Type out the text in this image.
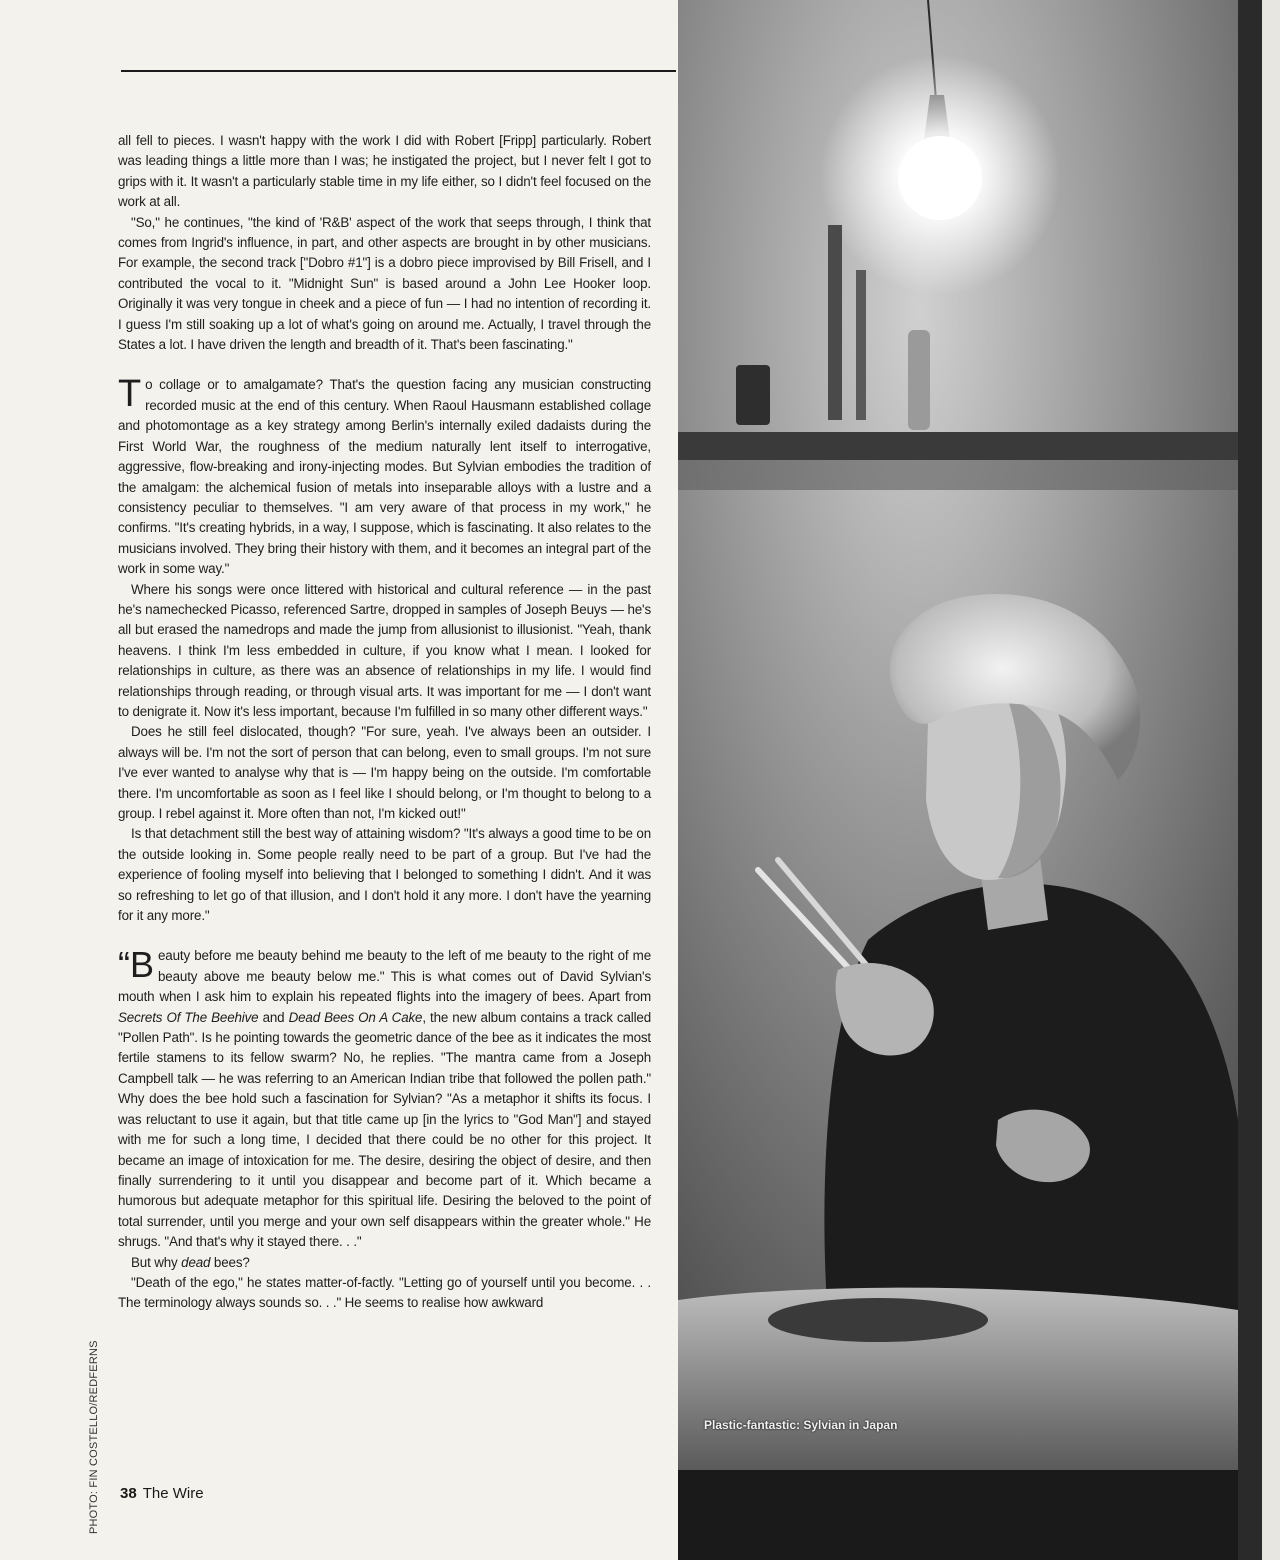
all fell to pieces. I wasn't happy with the work I did with Robert [Fripp] particularly. Robert was leading things a little more than I was; he instigated the project, but I never felt I got to grips with it. It wasn't a particularly stable time in my life either, so I didn't feel focused on the work at all.

"So," he continues, "the kind of 'R&B' aspect of the work that seeps through, I think that comes from Ingrid's influence, in part, and other aspects are brought in by other musicians. For example, the second track ["Dobro #1"] is a dobro piece improvised by Bill Frisell, and I contributed the vocal to it. "Midnight Sun" is based around a John Lee Hooker loop. Originally it was very tongue in cheek and a piece of fun — I had no intention of recording it. I guess I'm still soaking up a lot of what's going on around me. Actually, I travel through the States a lot. I have driven the length and breadth of it. That's been fascinating."

To collage or to amalgamate? That's the question facing any musician constructing recorded music at the end of this century. When Raoul Hausmann established collage and photomontage as a key strategy among Berlin's internally exiled dadaists during the First World War, the roughness of the medium naturally lent itself to interrogative, aggressive, flow-breaking and irony-injecting modes. But Sylvian embodies the tradition of the amalgam: the alchemical fusion of metals into inseparable alloys with a lustre and a consistency peculiar to themselves. "I am very aware of that process in my work," he confirms. "It's creating hybrids, in a way, I suppose, which is fascinating. It also relates to the musicians involved. They bring their history with them, and it becomes an integral part of the work in some way."

Where his songs were once littered with historical and cultural reference — in the past he's namechecked Picasso, referenced Sartre, dropped in samples of Joseph Beuys — he's all but erased the namedrops and made the jump from allusionist to illusionist. "Yeah, thank heavens. I think I'm less embedded in culture, if you know what I mean. I looked for relationships in culture, as there was an absence of relationships in my life. I would find relationships through reading, or through visual arts. It was important for me — I don't want to denigrate it. Now it's less important, because I'm fulfilled in so many other different ways."

Does he still feel dislocated, though? "For sure, yeah. I've always been an outsider. I always will be. I'm not the sort of person that can belong, even to small groups. I'm not sure I've ever wanted to analyse why that is — I'm happy being on the outside. I'm comfortable there. I'm uncomfortable as soon as I feel like I should belong, or I'm thought to belong to a group. I rebel against it. More often than not, I'm kicked out!"

Is that detachment still the best way of attaining wisdom? "It's always a good time to be on the outside looking in. Some people really need to be part of a group. But I've had the experience of fooling myself into believing that I belonged to something I didn't. And it was so refreshing to let go of that illusion, and I don't hold it any more. I don't have the yearning for it any more."

“Beauty before me beauty behind me beauty to the left of me beauty to the right of me beauty above me beauty below me." This is what comes out of David Sylvian's mouth when I ask him to explain his repeated flights into the imagery of bees. Apart from Secrets Of The Beehive and Dead Bees On A Cake, the new album contains a track called "Pollen Path". Is he pointing towards the geometric dance of the bee as it indicates the most fertile stamens to its fellow swarm? No, he replies. "The mantra came from a Joseph Campbell talk — he was referring to an American Indian tribe that followed the pollen path." Why does the bee hold such a fascination for Sylvian? "As a metaphor it shifts its focus. I was reluctant to use it again, but that title came up [in the lyrics to "God Man"] and stayed with me for such a long time, I decided that there could be no other for this project. It became an image of intoxication for me. The desire, desiring the object of desire, and then finally surrendering to it until you disappear and become part of it. Which became a humorous but adequate metaphor for this spiritual life. Desiring the beloved to the point of total surrender, until you merge and your own self disappears within the greater whole." He shrugs. "And that's why it stayed there. . ."

But why dead bees?

"Death of the ego," he states matter-of-factly. "Letting go of yourself until you become. . . The terminology always sounds so. . ." He seems to realise how awkward

PHOTO: FIN COSTELLO/REDFERNS 38 The Wire
Plastic-fantastic: Sylvian in Japan
